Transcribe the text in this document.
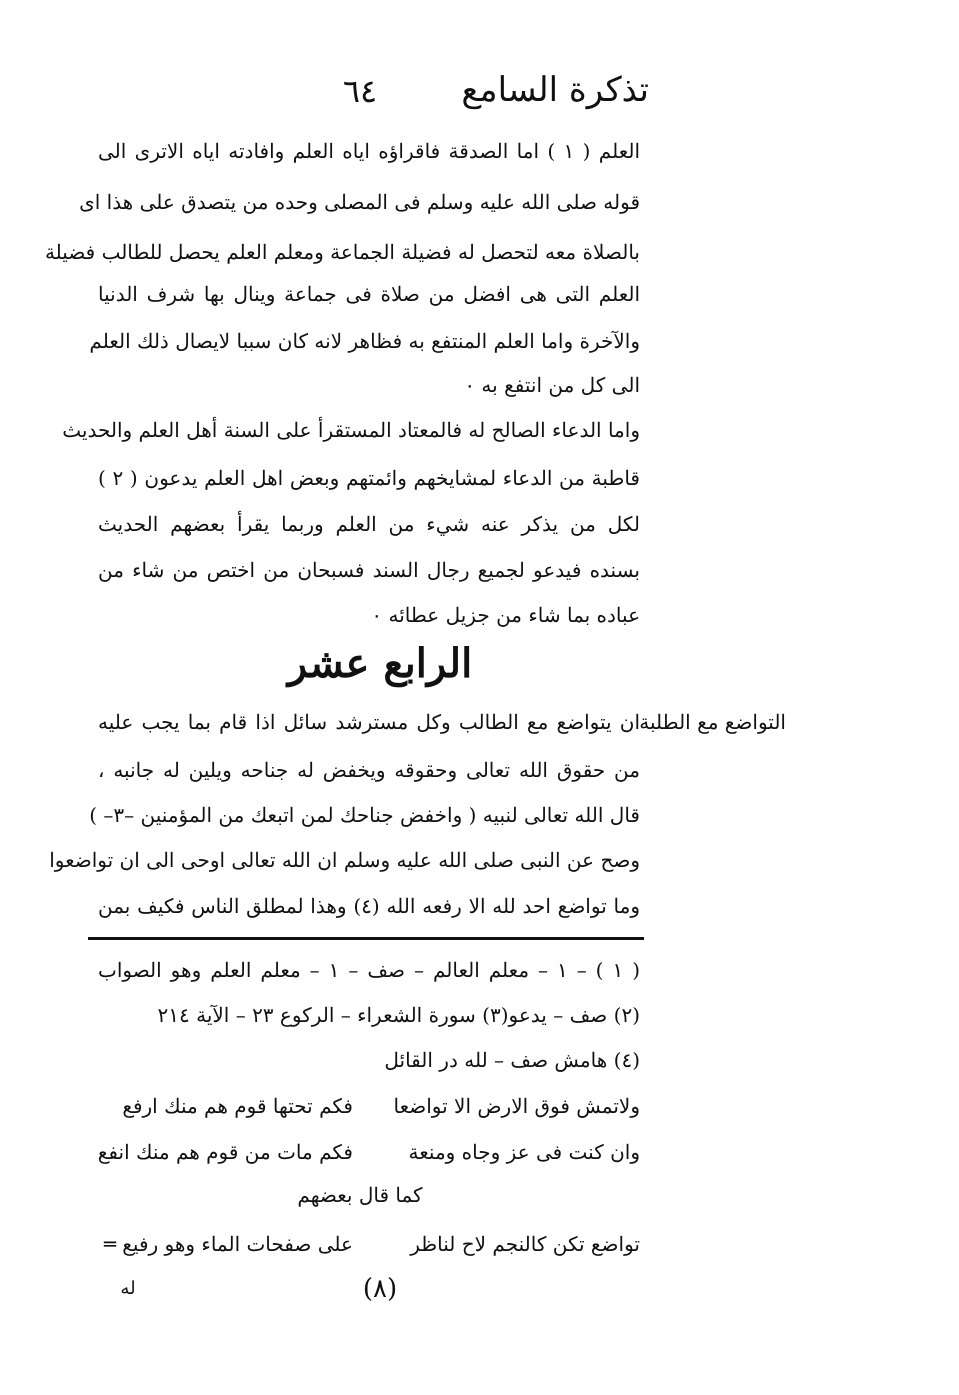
تذكرة السامع
٦٤
العلم ( ١ ) اما الصدقة فاقراؤه اياه العلم وافادته اياه الاترى الى
قوله صلى الله عليه وسلم فى المصلى وحده من يتصدق على هذا اى
بالصلاة معه لتحصل له فضيلة الجماعة ومعلم العلم يحصل للطالب فضيلة
العلم التى هى افضل من صلاة فى جماعة وينال بها شرف الدنيا
والآخرة واما العلم المنتفع به فظاهر لانه كان سببا لايصال ذلك العلم
الى كل من انتفع به ٠
واما الدعاء الصالح له فالمعتاد المستقرأ على السنة أهل العلم والحديث
قاطبة من الدعاء لمشايخهم وائمتهم وبعض اهل العلم يدعون ( ٢ )
لكل من يذكر عنه شيء من العلم وربما يقرأ بعضهم الحديث
بسنده فيدعو لجميع رجال السند فسبحان من اختص من شاء من
عباده بما شاء من جزيل عطائه ٠
الرابع عشر
التواضع مع الطلبة
ان يتواضع مع الطالب وكل مسترشد سائل اذا قام بما يجب عليه
من حقوق الله تعالى وحقوقه ويخفض له جناحه ويلين له جانبه ،
قال الله تعالى لنبيه ( واخفض جناحك لمن اتبعك من المؤمنين –٣– )
وصح عن النبى صلى الله عليه وسلم ان الله تعالى اوحى الى ان تواضعوا
وما تواضع احد لله الا رفعه الله (٤) وهذا لمطلق الناس فكيف بمن
( ١ ) – ١ – معلم العالم – صف – ١ – معلم العلم وهو الصواب
(٢) صف – يدعو(٣) سورة الشعراء – الركوع ٢٣ – الآية ٢١٤
(٤) هامش صف – لله در القائل
ولاتمش فوق الارض الا تواضعا
فكم تحتها قوم هم منك ارفع
وان كنت فى عز وجاه ومنعة
فكم مات من قوم هم منك انفع
كما قال بعضهم
تواضع تكن كالنجم لاح لناظر
على صفحات الماء وهو رفيع ═
(٨)
له
